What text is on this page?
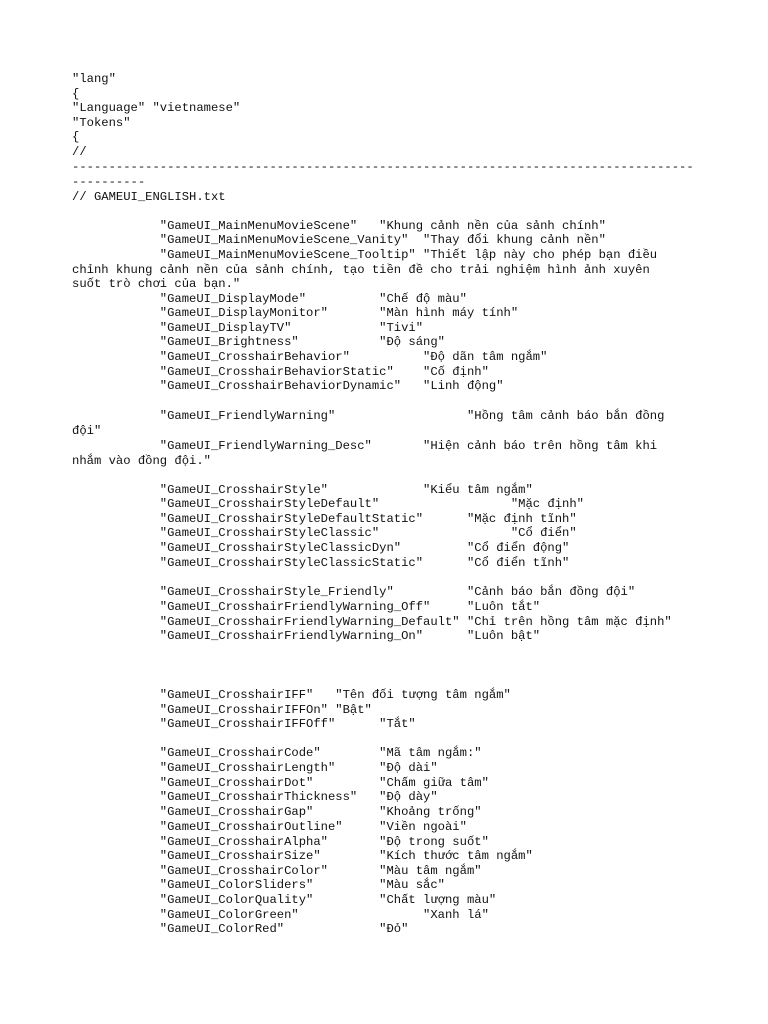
"lang"
{
"Language" "vietnamese"
"Tokens"
{
//
-------------------------------------------------------------------------------------
----------
// GAMEUI_ENGLISH.txt
"GameUI_MainMenuMovieScene"   "Khung cảnh nền của sảnh chính"
"GameUI_MainMenuMovieScene_Vanity"  "Thay đổi khung cảnh nền"
"GameUI_MainMenuMovieScene_Tooltip" "Thiết lập này cho phép bạn điều
chỉnh khung cảnh nền của sảnh chính, tạo tiền đề cho trải nghiệm hình ảnh xuyên
suốt trò chơi của bạn."
"GameUI_DisplayMode"          "Chế độ màu"
"GameUI_DisplayMonitor"       "Màn hình máy tính"
"GameUI_DisplayTV"            "Tivi"
"GameUI_Brightness"           "Độ sáng"
"GameUI_CrosshairBehavior"          "Độ dãn tâm ngắm"
"GameUI_CrosshairBehaviorStatic"    "Cố định"
"GameUI_CrosshairBehaviorDynamic"   "Linh động"
"GameUI_FriendlyWarning"                  "Hồng tâm cảnh báo bắn đồng
đội"
"GameUI_FriendlyWarning_Desc"       "Hiện cảnh báo trên hồng tâm khi
nhắm vào đồng đội."
"GameUI_CrosshairStyle"             "Kiểu tâm ngắm"
"GameUI_CrosshairStyleDefault"                  "Mặc định"
"GameUI_CrosshairStyleDefaultStatic"      "Mặc định tĩnh"
"GameUI_CrosshairStyleClassic"                  "Cổ điển"
"GameUI_CrosshairStyleClassicDyn"         "Cổ điển động"
"GameUI_CrosshairStyleClassicStatic"      "Cổ điển tĩnh"
"GameUI_CrosshairStyle_Friendly"          "Cảnh báo bắn đồng đội"
"GameUI_CrosshairFriendlyWarning_Off"     "Luôn tắt"
"GameUI_CrosshairFriendlyWarning_Default" "Chỉ trên hồng tâm mặc định"
"GameUI_CrosshairFriendlyWarning_On"      "Luôn bật"
"GameUI_CrosshairIFF"   "Tên đối tượng tâm ngắm"
"GameUI_CrosshairIFFOn" "Bật"
"GameUI_CrosshairIFFOff"      "Tắt"
"GameUI_CrosshairCode"        "Mã tâm ngắm:"
"GameUI_CrosshairLength"      "Độ dài"
"GameUI_CrosshairDot"         "Chấm giữa tâm"
"GameUI_CrosshairThickness"   "Độ dày"
"GameUI_CrosshairGap"         "Khoảng trống"
"GameUI_CrosshairOutline"     "Viền ngoài"
"GameUI_CrosshairAlpha"       "Độ trong suốt"
"GameUI_CrosshairSize"        "Kích thước tâm ngắm"
"GameUI_CrosshairColor"       "Màu tâm ngắm"
"GameUI_ColorSliders"         "Màu sắc"
"GameUI_ColorQuality"         "Chất lượng màu"
"GameUI_ColorGreen"                 "Xanh lá"
"GameUI_ColorRed"             "Đỏ"
